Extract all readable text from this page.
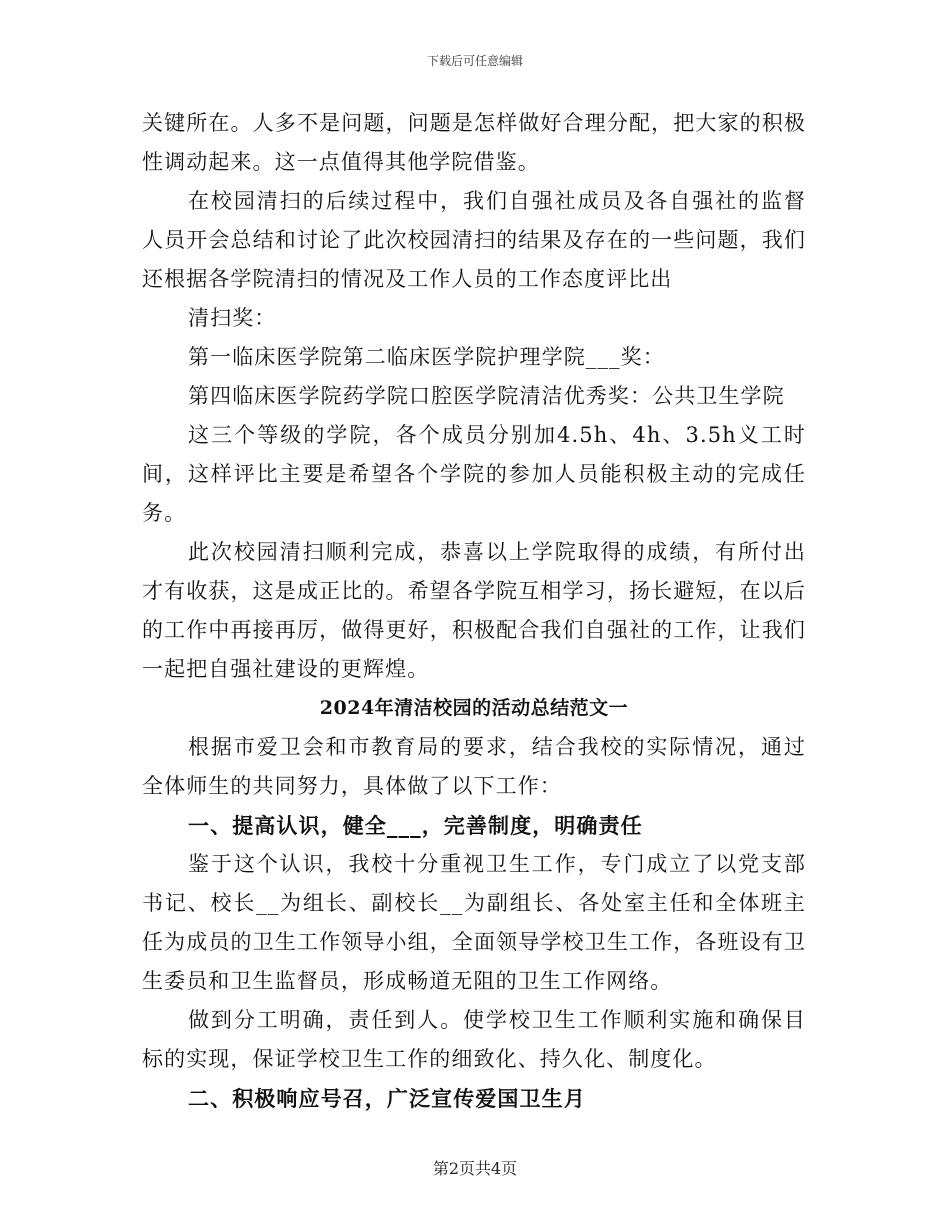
下载后可任意编辑

关键所在。人多不是问题，问题是怎样做好合理分配，把大家的积极性调动起来。这一点值得其他学院借鉴。

在校园清扫的后续过程中，我们自强社成员及各自强社的监督人员开会总结和讨论了此次校园清扫的结果及存在的一些问题，我们还根据各学院清扫的情况及工作人员的工作态度评比出

清扫奖：

第一临床医学院第二临床医学院护理学院___奖：

第四临床医学院药学院口腔医学院清洁优秀奖：公共卫生学院

这三个等级的学院，各个成员分别加4.5h、4h、3.5h义工时间，这样评比主要是希望各个学院的参加人员能积极主动的完成任务。

此次校园清扫顺利完成，恭喜以上学院取得的成绩，有所付出才有收获，这是成正比的。希望各学院互相学习，扬长避短，在以后的工作中再接再厉，做得更好，积极配合我们自强社的工作，让我们一起把自强社建设的更辉煌。

2024年清洁校园的活动总结范文一

根据市爱卫会和市教育局的要求，结合我校的实际情况，通过全体师生的共同努力，具体做了以下工作：

一、提高认识，健全___，完善制度，明确责任

鉴于这个认识，我校十分重视卫生工作，专门成立了以党支部书记、校长__为组长、副校长__为副组长、各处室主任和全体班主任为成员的卫生工作领导小组，全面领导学校卫生工作，各班设有卫生委员和卫生监督员，形成畅道无阻的卫生工作网络。

做到分工明确，责任到人。使学校卫生工作顺利实施和确保目标的实现，保证学校卫生工作的细致化、持久化、制度化。

二、积极响应号召，广泛宣传爱国卫生月

第2页共4页
